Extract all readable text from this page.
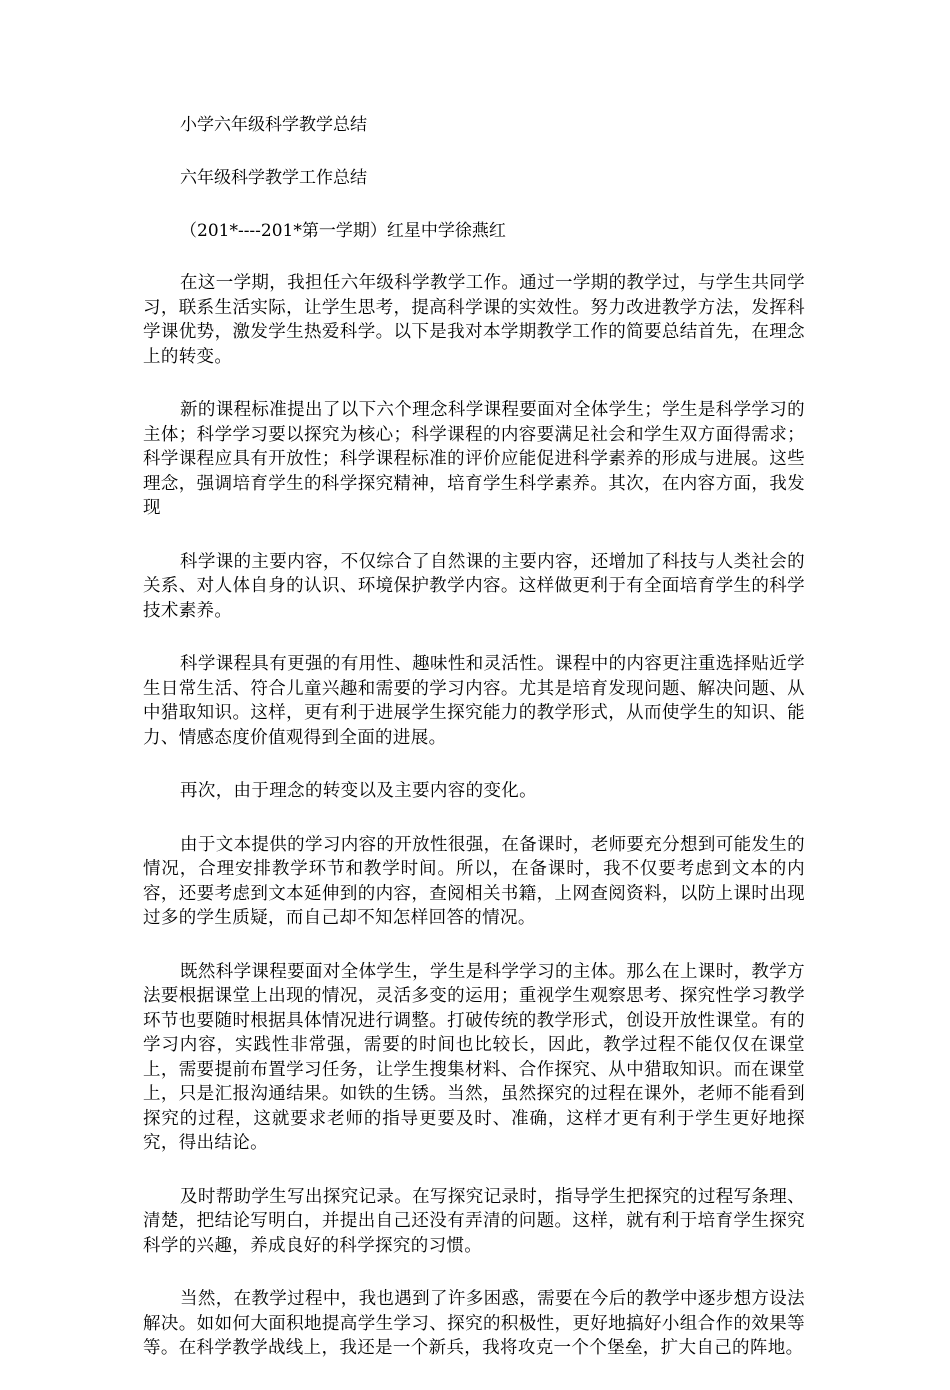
小学六年级科学教学总结

六年级科学教学工作总结

（201*----201*第一学期）红星中学徐燕红

在这一学期，我担任六年级科学教学工作。通过一学期的教学过，与学生共同学习，联系生活实际，让学生思考，提高科学课的实效性。努力改进教学方法，发挥科学课优势，激发学生热爱科学。以下是我对本学期教学工作的简要总结首先，在理念上的转变。

新的课程标准提出了以下六个理念科学课程要面对全体学生；学生是科学学习的主体；科学学习要以探究为核心；科学课程的内容要满足社会和学生双方面得需求；科学课程应具有开放性；科学课程标准的评价应能促进科学素养的形成与进展。这些理念，强调培育学生的科学探究精神，培育学生科学素养。其次，在内容方面，我发现

科学课的主要内容，不仅综合了自然课的主要内容，还增加了科技与人类社会的关系、对人体自身的认识、环境保护教学内容。这样做更利于有全面培育学生的科学技术素养。

科学课程具有更强的有用性、趣味性和灵活性。课程中的内容更注重选择贴近学生日常生活、符合儿童兴趣和需要的学习内容。尤其是培育发现问题、解决问题、从中猎取知识。这样，更有利于进展学生探究能力的教学形式，从而使学生的知识、能力、情感态度价值观得到全面的进展。

再次，由于理念的转变以及主要内容的变化。

由于文本提供的学习内容的开放性很强，在备课时，老师要充分想到可能发生的情况，合理安排教学环节和教学时间。所以，在备课时，我不仅要考虑到文本的内容，还要考虑到文本延伸到的内容，查阅相关书籍，上网查阅资料，以防上课时出现过多的学生质疑，而自己却不知怎样回答的情况。

既然科学课程要面对全体学生，学生是科学学习的主体。那么在上课时，教学方法要根据课堂上出现的情况，灵活多变的运用；重视学生观察思考、探究性学习教学环节也要随时根据具体情况进行调整。打破传统的教学形式，创设开放性课堂。有的学习内容，实践性非常强，需要的时间也比较长，因此，教学过程不能仅仅在课堂上，需要提前布置学习任务，让学生搜集材料、合作探究、从中猎取知识。而在课堂上，只是汇报沟通结果。如铁的生锈。当然，虽然探究的过程在课外，老师不能看到探究的过程，这就要求老师的指导更要及时、准确，这样才更有利于学生更好地探究，得出结论。

及时帮助学生写出探究记录。在写探究记录时，指导学生把探究的过程写条理、清楚，把结论写明白，并提出自己还没有弄清的问题。这样，就有利于培育学生探究科学的兴趣，养成良好的科学探究的习惯。

当然，在教学过程中，我也遇到了许多困惑，需要在今后的教学中逐步想方设法解决。如如何大面积地提高学生学习、探究的积极性，更好地搞好小组合作的效果等等。在科学教学战线上，我还是一个新兵，我将攻克一个个堡垒，扩大自己的阵地。
